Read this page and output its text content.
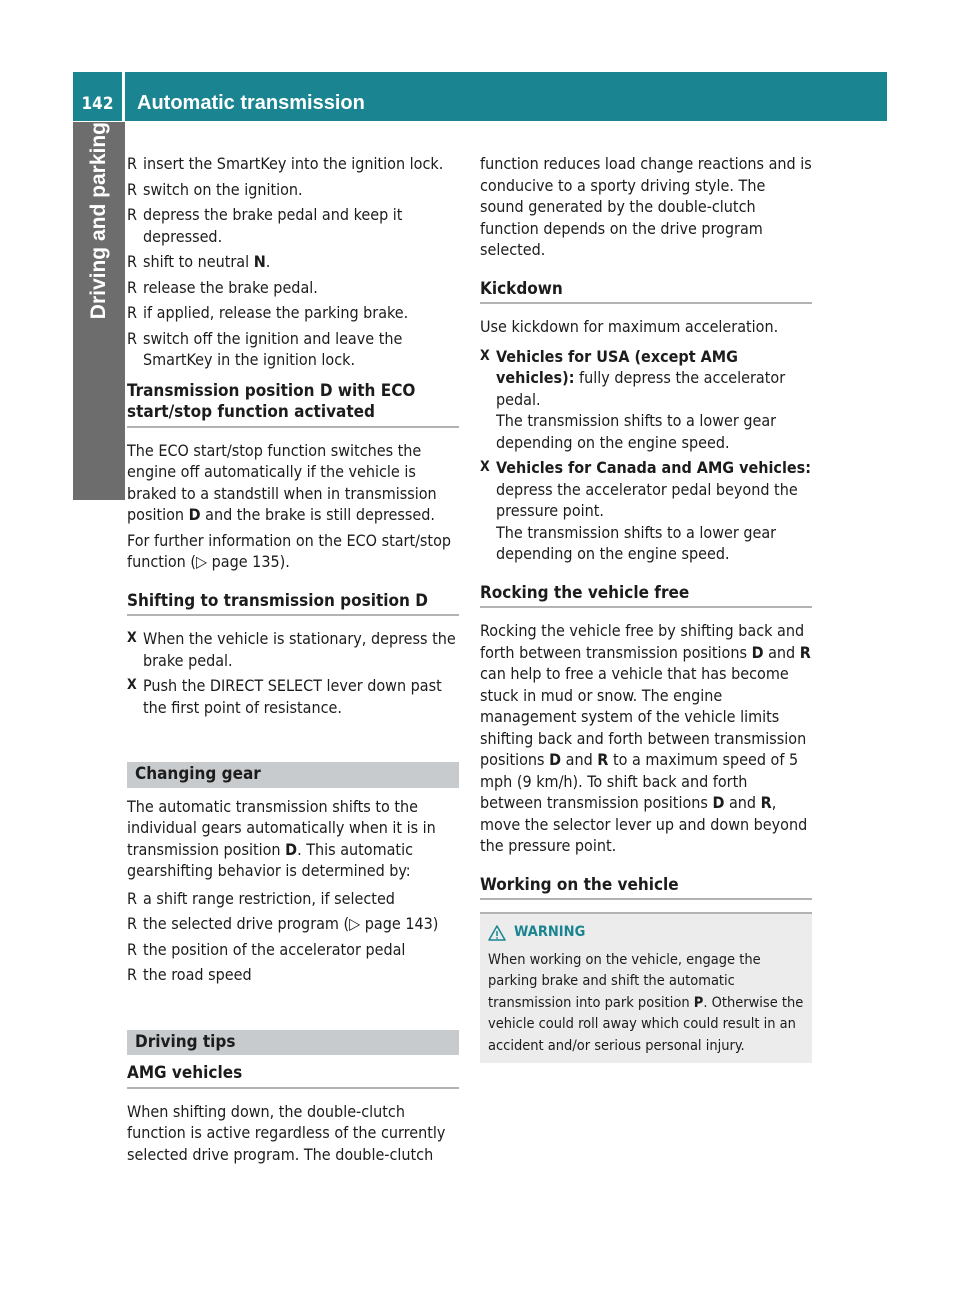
142	Automatic transmission
Driving and parking R insert the SmartKey into the ignition lock.
R switch on the ignition.
R depress the brake pedal and keep it depressed.
R shift to neutral N.
R release the brake pedal.
R if applied, release the parking brake.
R switch off the ignition and leave the SmartKey in the ignition lock.
Transmission position D with ECO start/stop function activated

The ECO start/stop function switches the engine off automatically if the vehicle is braked to a standstill when in transmission position D and the brake is still depressed.

For further information on the ECO start/stop function (▷ page 135).

Shifting to transmission position D
X When the vehicle is stationary, depress the brake pedal.
X Push the DIRECT SELECT lever down past the first point of resistance.
Changing gear

The automatic transmission shifts to the individual gears automatically when it is in transmission position D. This automatic gearshifting behavior is determined by:

R a shift range restriction, if selected
R the selected drive program (▷ page 143)
R the position of the accelerator pedal
R the road speed
Driving tips
AMG vehicles

When shifting down, the double-clutch function is active regardless of the currently selected drive program. The double-clutch

function reduces load change reactions and is conducive to a sporty driving style. The sound generated by the double-clutch function depends on the drive program selected.

Kickdown

Use kickdown for maximum acceleration.

X Vehicles for USA (except AMG vehicles): fully depress the accelerator pedal.
The transmission shifts to a lower gear depending on the engine speed.
X Vehicles for Canada and AMG vehicles: depress the accelerator pedal beyond the pressure point.
The transmission shifts to a lower gear depending on the engine speed.
Rocking the vehicle free

Rocking the vehicle free by shifting back and forth between transmission positions D and R can help to free a vehicle that has become stuck in mud or snow. The engine management system of the vehicle limits shifting back and forth between transmission positions D and R to a maximum speed of 5 mph (9 km/h). To shift back and forth between transmission positions D and R, move the selector lever up and down beyond the pressure point.

Working on the vehicle
WARNING
When working on the vehicle, engage the parking brake and shift the automatic transmission into park position P. Otherwise the vehicle could roll away which could result in an accident and/or serious personal injury.
